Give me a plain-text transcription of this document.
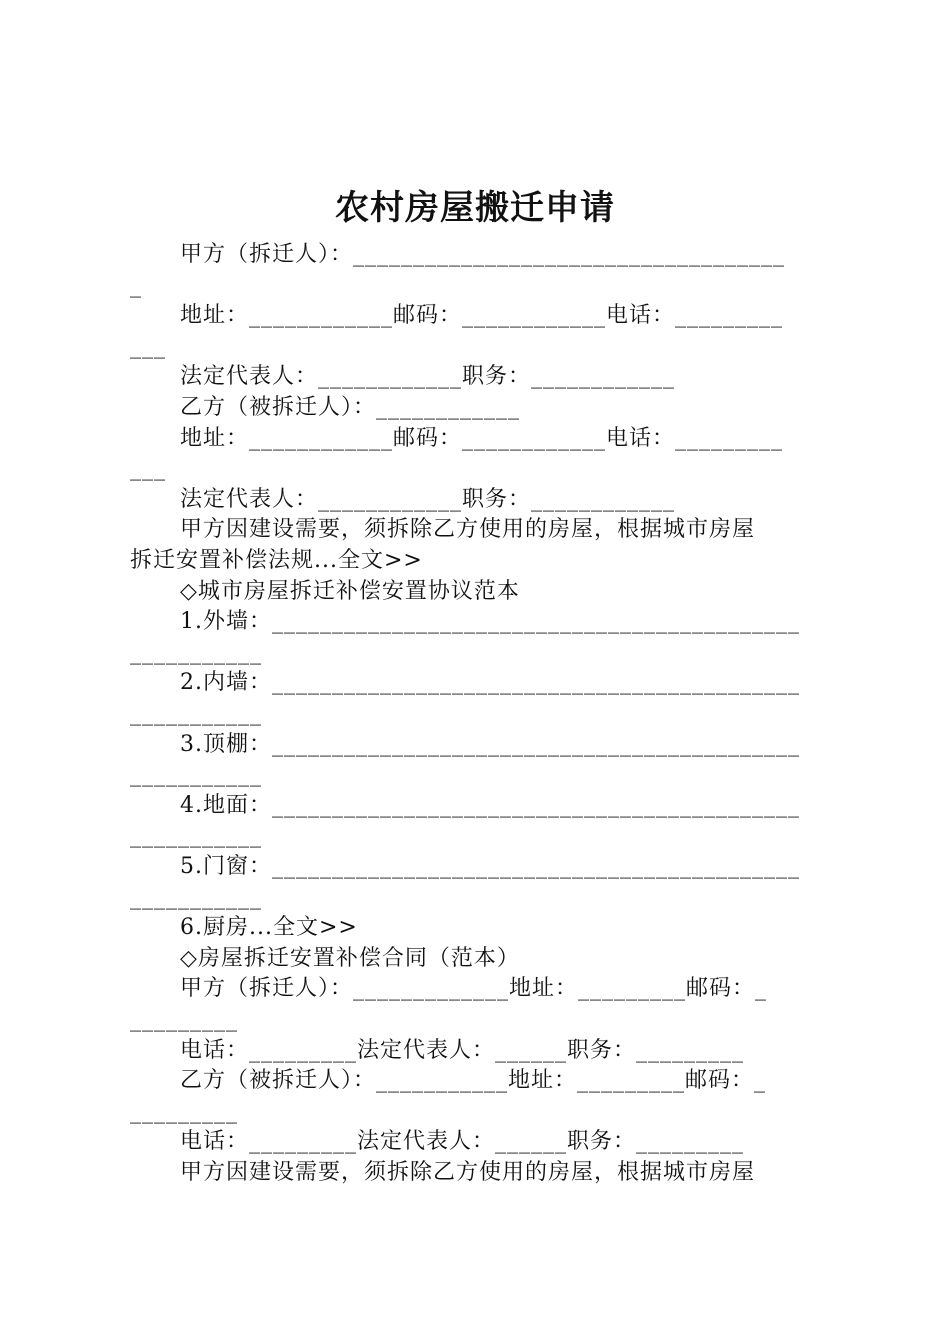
农村房屋搬迁申请
甲方（拆迁人）：____________________________________
_
地址：____________邮码：____________电话：_________
___
法定代表人：____________职务：____________
乙方（被拆迁人）：____________
地址：____________邮码：____________电话：_________
___
法定代表人：____________职务：____________
甲方因建设需要，须拆除乙方使用的房屋，根据城市房屋
拆迁安置补偿法规...全文>>
◇城市房屋拆迁补偿安置协议范本
1.外墙：____________________________________________
___________
2.内墙：____________________________________________
___________
3.顶棚：____________________________________________
___________
4.地面：____________________________________________
___________
5.门窗：____________________________________________
___________
6.厨房...全文>>
◇房屋拆迁安置补偿合同（范本）
甲方（拆迁人）：_____________地址：_________邮码：_
_________
电话：_________法定代表人：______职务：_________
乙方（被拆迁人）：___________地址：_________邮码：_
_________
电话：_________法定代表人：______职务：_________
甲方因建设需要，须拆除乙方使用的房屋，根据城市房屋
